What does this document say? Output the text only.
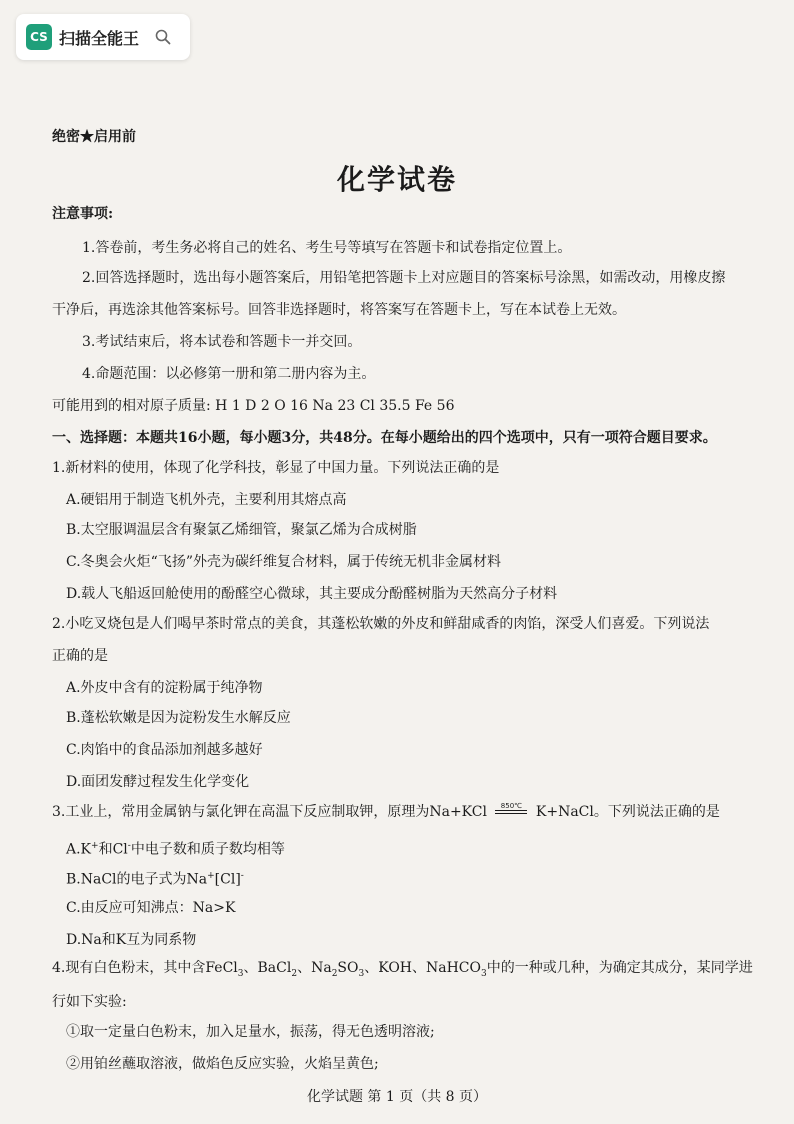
CS 扫描全能王
绝密★启用前
化学试卷
注意事项:
1.答卷前，考生务必将自己的姓名、考生号等填写在答题卡和试卷指定位置上。
2.回答选择题时，选出每小题答案后，用铅笔把答题卡上对应题目的答案标号涂黑，如需改动，用橡皮擦
干净后，再选涂其他答案标号。回答非选择题时，将答案写在答题卡上，写在本试卷上无效。
3.考试结束后，将本试卷和答题卡一并交回。
4.命题范围：以必修第一册和第二册内容为主。
可能用到的相对原子质量: H 1 D 2 O 16 Na 23 Cl 35.5 Fe 56
一、选择题：本题共16小题，每小题3分，共48分。在每小题给出的四个选项中，只有一项符合题目要求。
1.新材料的使用，体现了化学科技，彰显了中国力量。下列说法正确的是
A.硬铝用于制造飞机外壳，主要利用其熔点高
B.太空服调温层含有聚氯乙烯细管，聚氯乙烯为合成树脂
C.冬奥会火炬“飞扬”外壳为碳纤维复合材料，属于传统无机非金属材料
D.载人飞船返回舱使用的酚醛空心微球，其主要成分酚醛树脂为天然高分子材料
2.小吃叉烧包是人们喝早茶时常点的美食，其蓬松软嫩的外皮和鲜甜咸香的肉馅，深受人们喜爱。下列说法
正确的是
A.外皮中含有的淀粉属于纯净物
B.蓬松软嫩是因为淀粉发生水解反应
C.肉馅中的食品添加剂越多越好
D.面团发酵过程发生化学变化
3.工业上，常用金属钠与氯化钾在高温下反应制取钾，原理为Na+KCl	850℃ K+NaCl。下列说法正确的是
A.K+和Cl-中电子数和质子数均相等
B.NaCl的电子式为Na+[Cl]-
C.由反应可知沸点：Na>K
D.Na和K互为同系物
4.现有白色粉末，其中含FeCl$_3$、BaCl$_2$、$Na_2SO_3$、KOH、NaHCO$_3$中的一种或几种，为确定其成分，某同学进
行如下实验:
①取一定量白色粉末，加入足量水，振荡，得无色透明溶液;
②用铂丝蘸取溶液，做焰色反应实验，火焰呈黄色;
化学试题 第 1 页（共 8 页）
